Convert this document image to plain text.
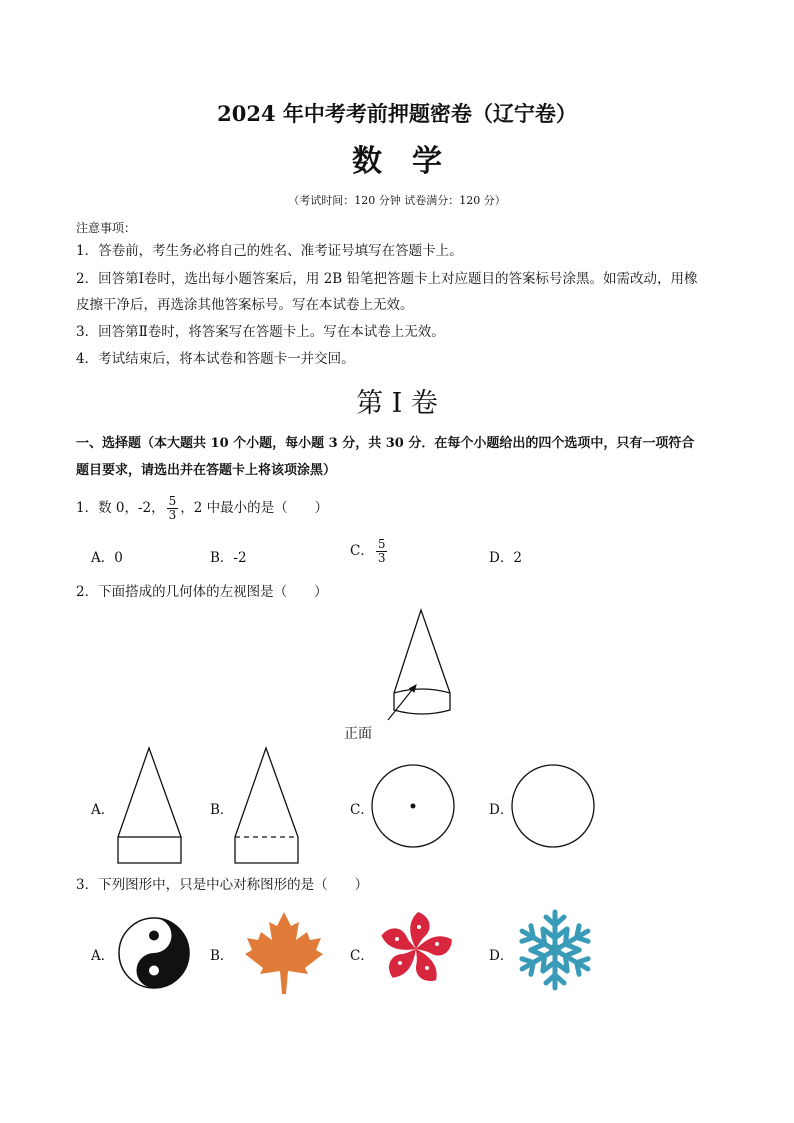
2024 年中考考前押题密卷（辽宁卷）
数学
（考试时间：120 分钟 试卷满分：120 分）
注意事项：
1．答卷前，考生务必将自己的姓名、准考证号填写在答题卡上。
2．回答第Ⅰ卷时，选出每小题答案后，用 2B 铅笔把答题卡上对应题目的答案标号涂黑。如需改动，用橡
皮擦干净后，再选涂其他答案标号。写在本试卷上无效。
3．回答第Ⅱ卷时，将答案写在答题卡上。写在本试卷上无效。
4．考试结束后，将本试卷和答题卡一并交回。
第 I 卷
一、选择题（本大题共 10 个小题，每小题 3 分，共 30 分．在每个小题给出的四个选项中，只有一项符合
题目要求，请选出并在答题卡上将该项涂黑）
1．数 0，-2， $\frac{5}{3}$ ，2 中最小的是（　　）
A．0	B．-2	C． $\frac{5}{3}$	D．2
2．下面搭成的几何体的左视图是（　　）
正面
A．	B．	C．	D．
3．下列图形中，只是中心对称图形的是（　　）
A．	B．	C．	D．
